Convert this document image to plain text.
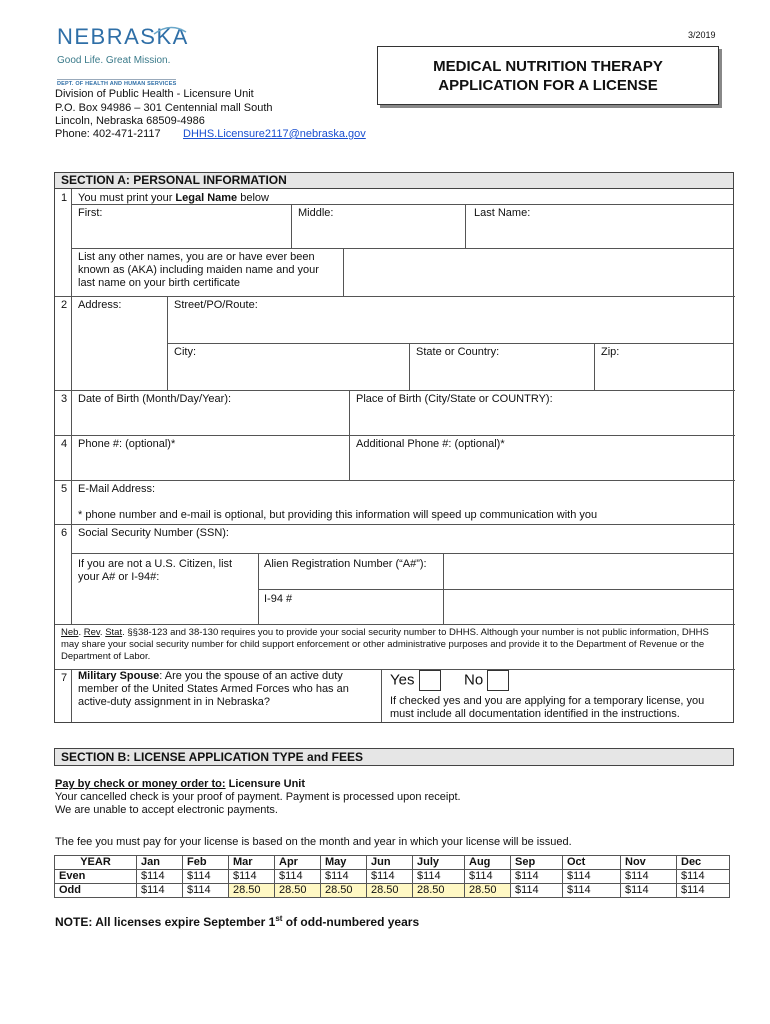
NEBRASKA
Good Life. Great Mission.
DEPT. OF HEALTH AND HUMAN SERVICES
3/2019
Division of Public Health - Licensure Unit
P.O. Box 94986 – 301 Centennial mall South
Lincoln, Nebraska 68509-4986
Phone: 402-471-2117 DHHS.Licensure2117@nebraska.gov
MEDICAL NUTRITION THERAPY
APPLICATION FOR A LICENSE
SECTION A: PERSONAL INFORMATION
1 You must print your Legal Name below
First:	Middle:	Last Name:
List any other names, you are or have ever been known as (AKA) including maiden name and your last name on your birth certificate
2 Address:	Street/PO/Route:
City:	State or Country:	Zip:
3 Date of Birth (Month/Day/Year):	Place of Birth (City/State or COUNTRY):
4 Phone #: (optional)*	Additional Phone #: (optional)*
5 E-Mail Address:
* phone number and e-mail is optional, but providing this information will speed up communication with you
6 Social Security Number (SSN):
If you are not a U.S. Citizen, list your A# or I-94#:
Alien Registration Number (“A#”):
I-94 #
Neb. Rev. Stat. §§38-123 and 38-130 requires you to provide your social security number to DHHS. Although your number is not public information, DHHS may share your social security number for child support enforcement or other administrative purposes and provide it to the Department of Revenue or the Department of Labor.
7 Military Spouse: Are you the spouse of an active duty member of the United States Armed Forces who has an active-duty assignment in in Nebraska?
Yes	No
If checked yes and you are applying for a temporary license, you must include all documentation identified in the instructions.
SECTION B: LICENSE APPLICATION TYPE and FEES
Pay by check or money order to: Licensure Unit
Your cancelled check is your proof of payment. Payment is processed upon receipt.
We are unable to accept electronic payments.
The fee you must pay for your license is based on the month and year in which your license will be issued.
YEAR	Jan	Feb	Mar	Apr	May	Jun	July	Aug	Sep	Oct	Nov	Dec
Even	$114	$114	$114	$114	$114	$114	$114	$114	$114	$114	$114	$114
Odd	$114	$114	28.50	28.50	28.50	28.50	28.50	28.50	$114	$114	$114	$114
NOTE: All licenses expire September 1st of odd-numbered years
